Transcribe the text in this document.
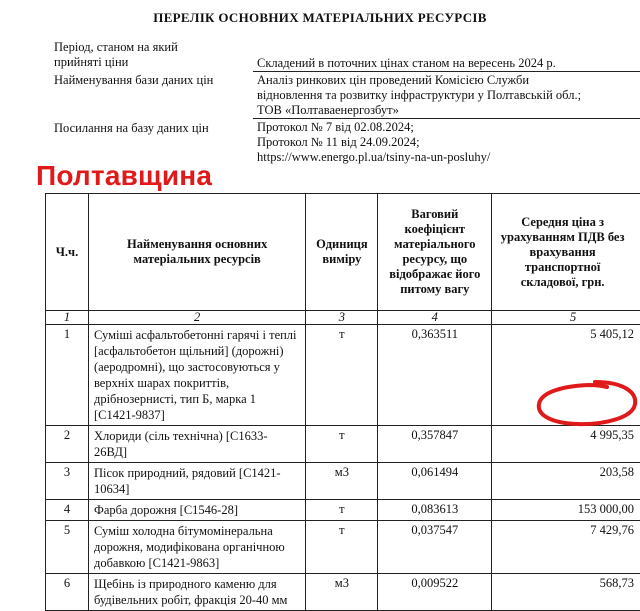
ПЕРЕЛІК ОСНОВНИХ МАТЕРІАЛЬНИХ РЕСУРСІВ
Період, станом на який
прийняті ціни	Складений в поточних цінах станом на вересень 2024 р.
Найменування бази даних цін	Аналіз ринкових цін проведений Комісією Служби
відновлення та розвитку інфраструктури у Полтавській обл.;
ТОВ «Полтаваенергозбут»
Посилання на базу даних цін	Протокол № 7 від 02.08.2024;
Протокол № 11 від 24.09.2024;
https://www.energo.pl.ua/tsiny-na-un-posluhy/
Полтавщина
Ч.ч.	Найменування основних матеріальних ресурсів	Одиниця виміру	Ваговий коефіцієнт матеріального ресурсу, що відображає його питому вагу	Середня ціна з урахуванням ПДВ без врахування транспортної складової, грн.
1	2	3	4	5
1	Суміші асфальтобетонні гарячі і теплі [асфальтобетон щільний] (дорожні) (аеродромні), що застосовуються у верхніх шарах покриттів, дрібнозернисті, тип Б, марка 1 [С1421-9837]	т	0,363511	5 405,12
2	Хлориди (сіль технічна) [С1633-26ВД]	т	0,357847	4 995,35
3	Пісок природний, рядовий [С1421-10634]	м3	0,061494	203,58
4	Фарба дорожня [С1546-28]	т	0,083613	153 000,00
5	Суміш холодна бітумомінеральна дорожня, модифікована органічною добавкою [С1421-9863]	т	0,037547	7 429,76
6	Щебінь із природного каменю для будівельних робіт, фракція 20-40 мм	м3	0,009522	568,73
